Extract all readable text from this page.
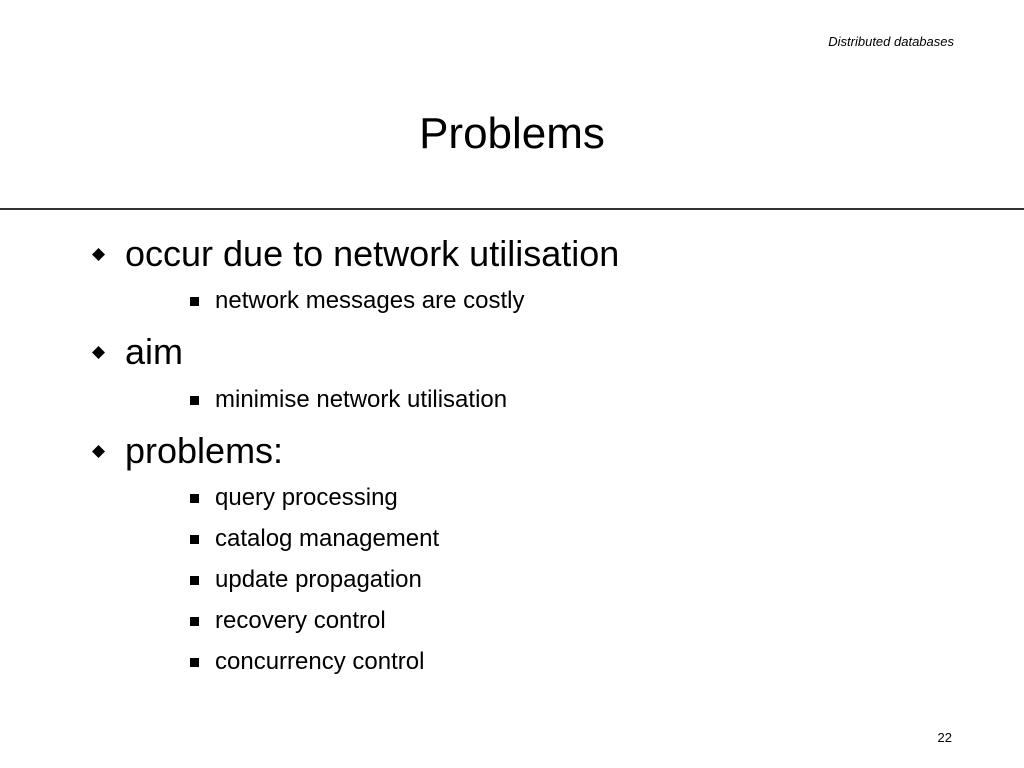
Distributed databases
Problems
occur due to network utilisation
network messages are costly
aim
minimise network utilisation
problems:
query processing
catalog management
update propagation
recovery control
concurrency control
22
